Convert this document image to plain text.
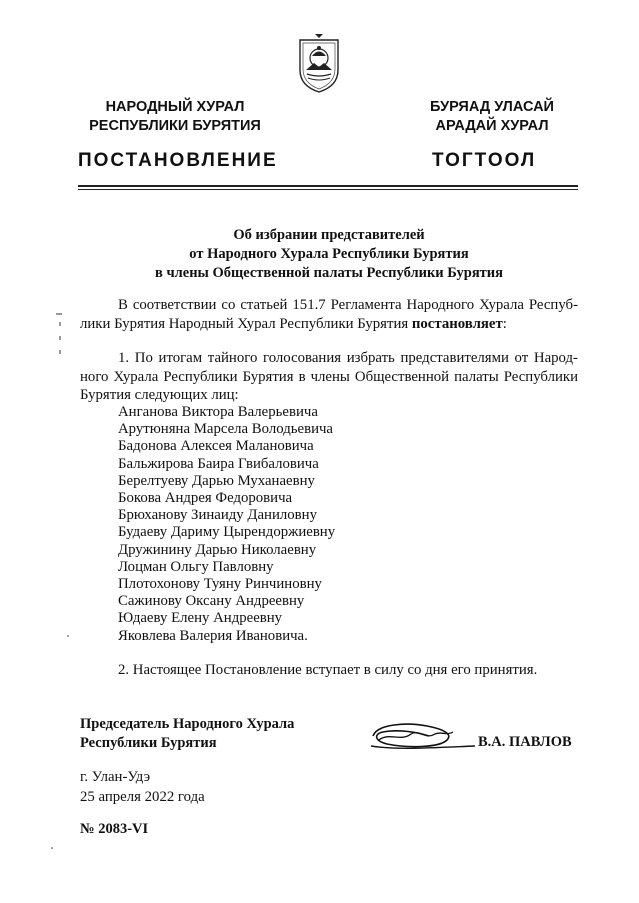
НАРОДНЫЙ ХУРАЛ
РЕСПУБЛИКИ БУРЯТИЯ
БУРЯАД УЛАСАЙ
АРАДАЙ ХУРАЛ
ПОСТАНОВЛЕНИЕ	ТОГТООЛ
Об избрании представителей
от Народного Хурала Республики Бурятия
в члены Общественной палаты Республики Бурятия
В соответствии со статьей 151.7 Регламента Народного Хурала Респуб-
лики Бурятия Народный Хурал Республики Бурятия постановляет:
1. По итогам тайного голосования избрать представителями от Народ-
ного Хурала Республики Бурятия в члены Общественной палаты Республики
Бурятия следующих лиц:
Анганова Виктора Валерьевича
Арутюняна Марсела Володьевича
Бадонова Алексея Малановича
Бальжирова Баира Гвибаловича
Берелтуеву Дарью Муханаевну
Бокова Андрея Федоровича
Брюханову Зинаиду Даниловну
Будаеву Дариму Цырендоржиевну
Дружинину Дарью Николаевну
Лоцман Ольгу Павловну
Плотохонову Туяну Ринчиновну
Сажинову Оксану Андреевну
Юдаеву Елену Андреевну
Яковлева Валерия Ивановича.
2. Настоящее Постановление вступает в силу со дня его принятия.
Председатель Народного Хурала
Республики Бурятия	В.А. ПАВЛОВ
г. Улан-Удэ
25 апреля 2022 года
№ 2083-VI
